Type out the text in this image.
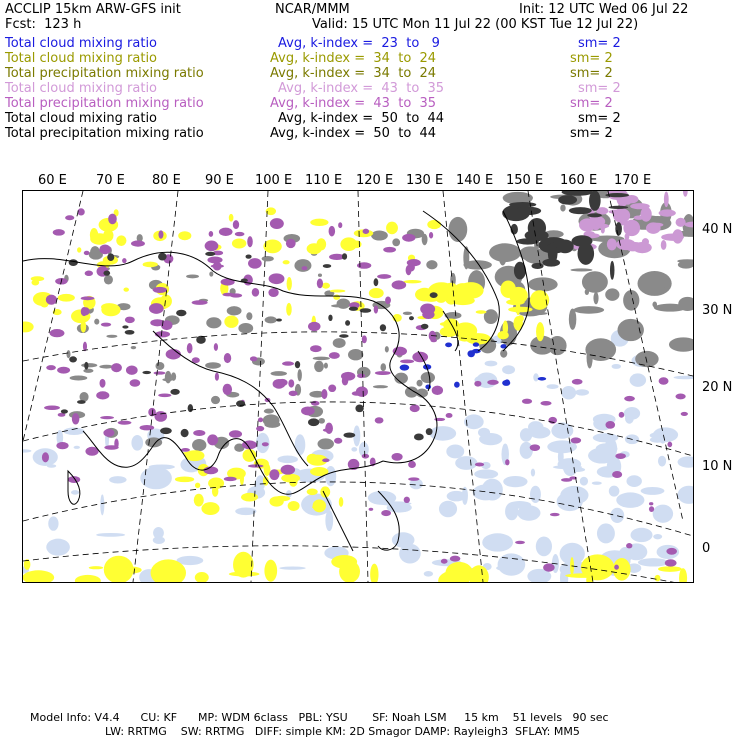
ACCLIP 15km ARW-GFS init	NCAR/MMM	Init: 12 UTC Wed 06 Jul 22
Fcst:  123 h	Valid: 15 UTC Mon 11 Jul 22 (00 KST Tue 12 Jul 22)
Total cloud mixing ratio	Avg, k-index =  23  to   9	sm= 2
Total cloud mixing ratio	Avg, k-index =  34  to  24	sm= 2
Total precipitation mixing ratio	Avg, k-index =  34  to  24	sm= 2
Total cloud mixing ratio	Avg, k-index =  43  to  35	sm= 2
Total precipitation mixing ratio	Avg, k-index =  43  to  35	sm= 2
Total cloud mixing ratio	Avg, k-index =  50  to  44	sm= 2
Total precipitation mixing ratio	Avg, k-index =  50  to  44	sm= 2
60 E 70 E 80 E 90 E 100 E 110 E 120 E 130 E 140 E 150 E 160 E 170 E
40 N
30 N
20 N
10 N
0
Model Info: V4.4      CU: KF      MP: WDM 6class   PBL: YSU       SF: Noah LSM     15 km    51 levels   90 sec
LW: RRTMG    SW: RRTMG   DIFF: simple KM: 2D Smagor DAMP: Rayleigh3  SFLAY: MM5
